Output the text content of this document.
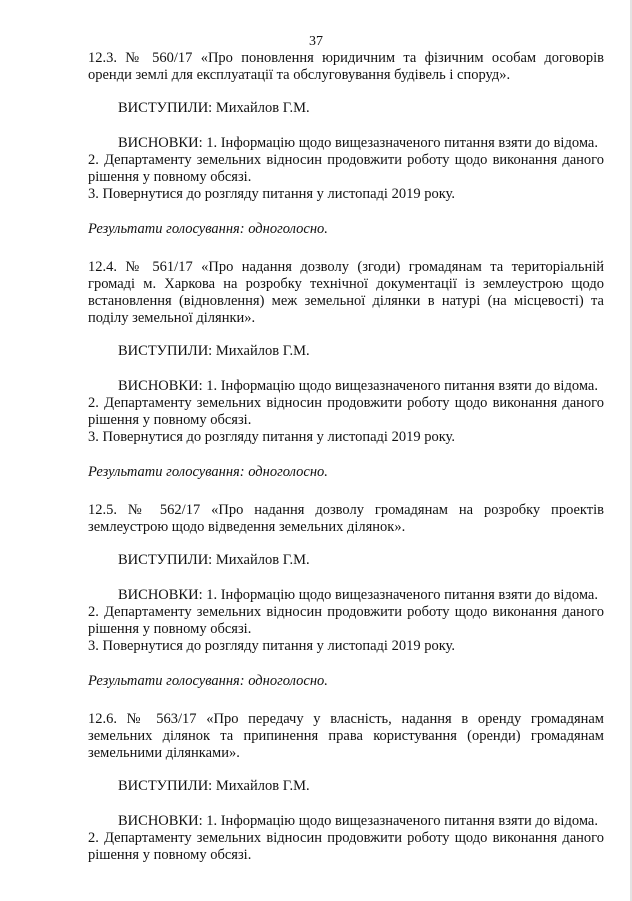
37

12.3. № 560/17 «Про поновлення юридичним та фізичним особам договорів оренди землі для експлуатації та обслуговування будівель і споруд».

ВИСТУПИЛИ: Михайлов Г.М.

ВИСНОВКИ: 1. Інформацію щодо вищезазначеного питання взяти до відома.

2. Департаменту земельних відносин продовжити роботу щодо виконання даного рішення у повному обсязі.

3. Повернутися до розгляду питання у листопаді 2019 року.

Результати голосування: одноголосно.

12.4. № 561/17 «Про надання дозволу (згоди) громадянам та територіальній громаді м. Харкова на розробку технічної документації із землеустрою щодо встановлення (відновлення) меж земельної ділянки в натурі (на місцевості) та поділу земельної ділянки».

ВИСТУПИЛИ: Михайлов Г.М.

ВИСНОВКИ: 1. Інформацію щодо вищезазначеного питання взяти до відома.

2. Департаменту земельних відносин продовжити роботу щодо виконання даного рішення у повному обсязі.

3. Повернутися до розгляду питання у листопаді 2019 року.

Результати голосування: одноголосно.

12.5. № 562/17 «Про надання дозволу громадянам на розробку проектів землеустрою щодо відведення земельних ділянок».

ВИСТУПИЛИ: Михайлов Г.М.

ВИСНОВКИ: 1. Інформацію щодо вищезазначеного питання взяти до відома.

2. Департаменту земельних відносин продовжити роботу щодо виконання даного рішення у повному обсязі.

3. Повернутися до розгляду питання у листопаді 2019 року.

Результати голосування: одноголосно.

12.6. № 563/17 «Про передачу у власність, надання в оренду громадянам земельних ділянок та припинення права користування (оренди) громадянам земельними ділянками».

ВИСТУПИЛИ: Михайлов Г.М.

ВИСНОВКИ: 1. Інформацію щодо вищезазначеного питання взяти до відома.

2. Департаменту земельних відносин продовжити роботу щодо виконання даного рішення у повному обсязі.
